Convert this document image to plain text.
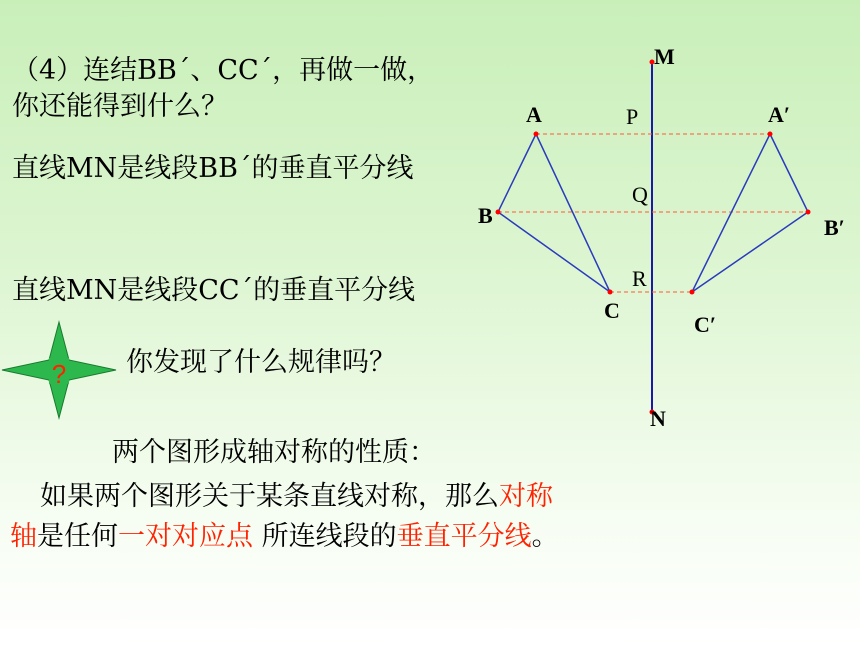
（4）连结BB´、CC´，再做一做，
你还能得到什么？
直线MN是线段BB´的垂直平分线
直线MN是线段CC´的垂直平分线
? 你发现了什么规律吗？
两个图形成轴对称的性质：
如果两个图形关于某条直线对称，那么对称
轴是任何一对对应点 所连线段的垂直平分线。
M
N
A	A′
B	B′
C
C′
P
Q
R
